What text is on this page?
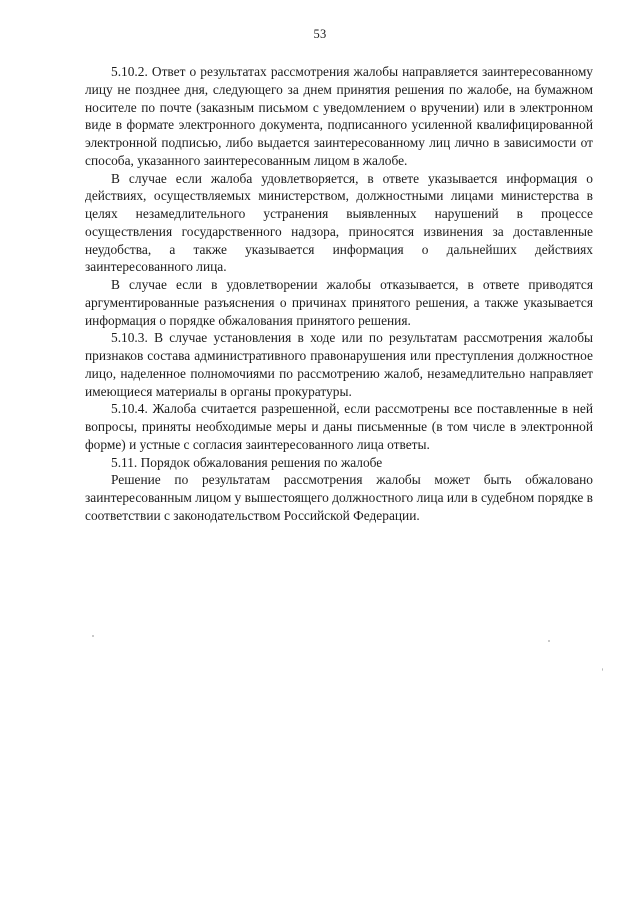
53

5.10.2. Ответ о результатах рассмотрения жалобы направляется заинтересованному лицу не позднее дня, следующего за днем принятия решения по жалобе, на бумажном носителе по почте (заказным письмом с уведомлением о вручении) или в электронном виде в формате электронного документа, подписанного усиленной квалифицированной электронной подписью, либо выдается заинтересованному лиц лично в зависимости от способа, указанного заинтересованным лицом в жалобе.

В случае если жалоба удовлетворяется, в ответе указывается информация о действиях, осуществляемых министерством, должностными лицами министерства в целях незамедлительного устранения выявленных нарушений в процессе осуществления государственного надзора, приносятся извинения за доставленные неудобства, а также указывается информация о дальнейших действиях заинтересованного лица.

В случае если в удовлетворении жалобы отказывается, в ответе приводятся аргументированные разъяснения о причинах принятого решения, а также указывается информация о порядке обжалования принятого решения.

5.10.3. В случае установления в ходе или по результатам рассмотрения жалобы признаков состава административного правонарушения или преступления должностное лицо, наделенное полномочиями по рассмотрению жалоб, незамедлительно направляет имеющиеся материалы в органы прокуратуры.

5.10.4. Жалоба считается разрешенной, если рассмотрены все поставленные в ней вопросы, приняты необходимые меры и даны письменные (в том числе в электронной форме) и устные с согласия заинтересованного лица ответы.

5.11. Порядок обжалования решения по жалобе

Решение по результатам рассмотрения жалобы может быть обжаловано заинтересованным лицом у вышестоящего должностного лица или в судебном порядке в соответствии с законодательством Российской Федерации.
